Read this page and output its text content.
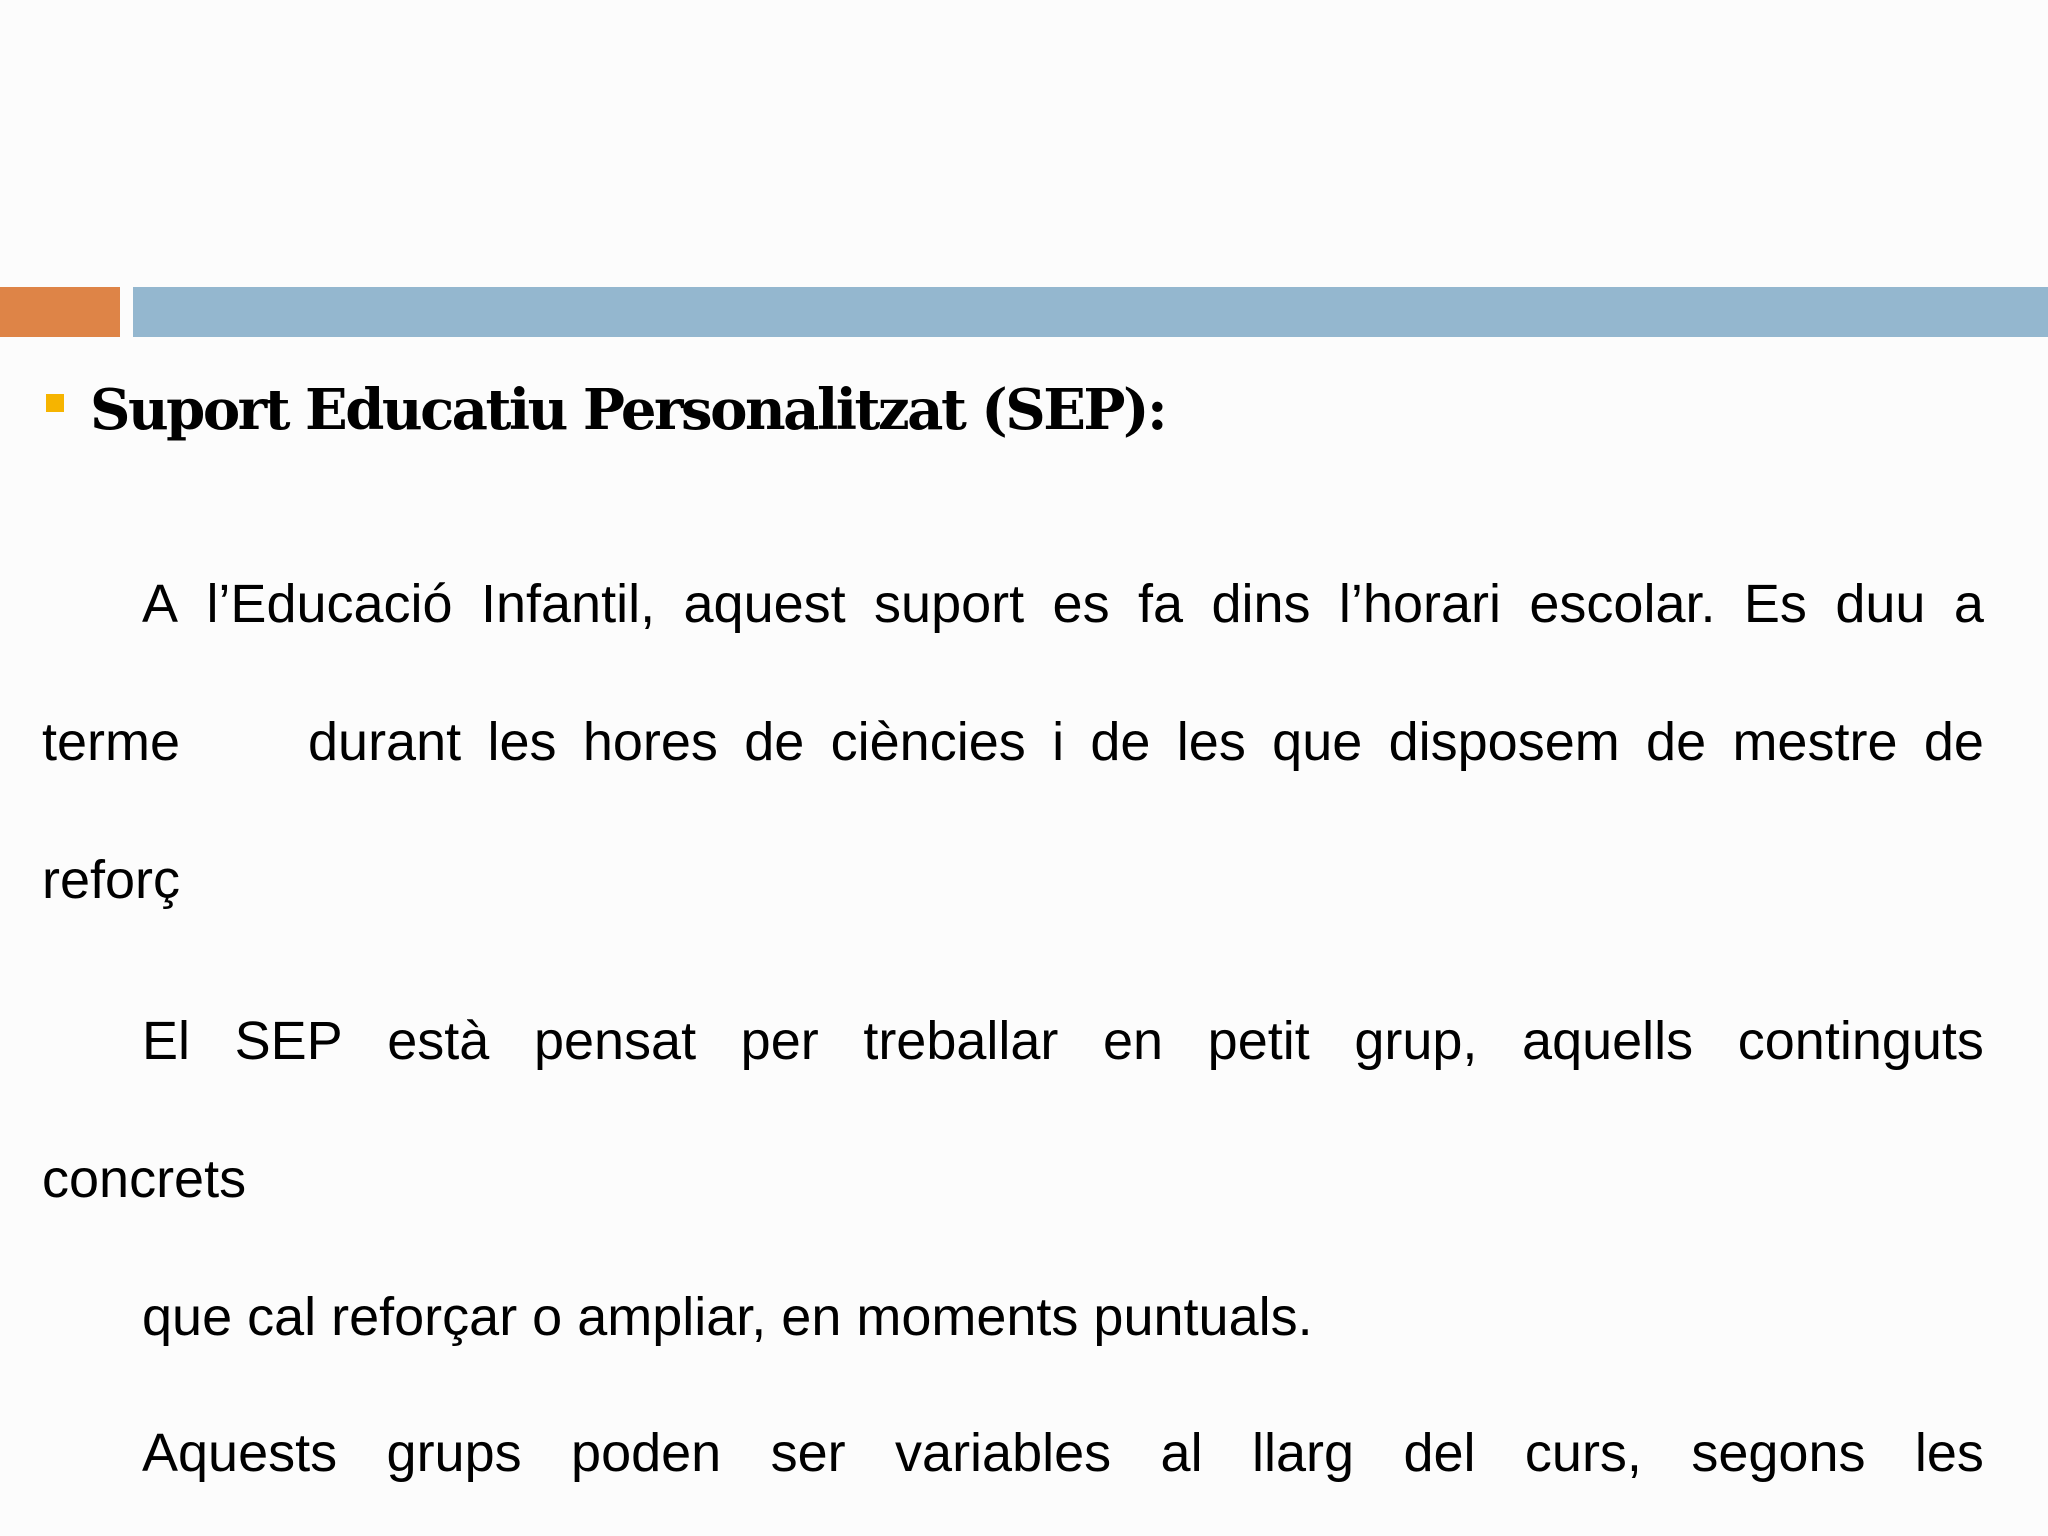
Suport Educatiu Personalitzat (SEP):
A l’Educació Infantil, aquest suport es fa dins l’horari escolar. Es duu a
terme durant les hores de ciències i de les que disposem de mestre de
reforç
El SEP està pensat per treballar en petit grup, aquells continguts
concrets
que cal reforçar o ampliar, en moments puntuals.
Aquests grups poden ser variables al llarg del curs, segons les
